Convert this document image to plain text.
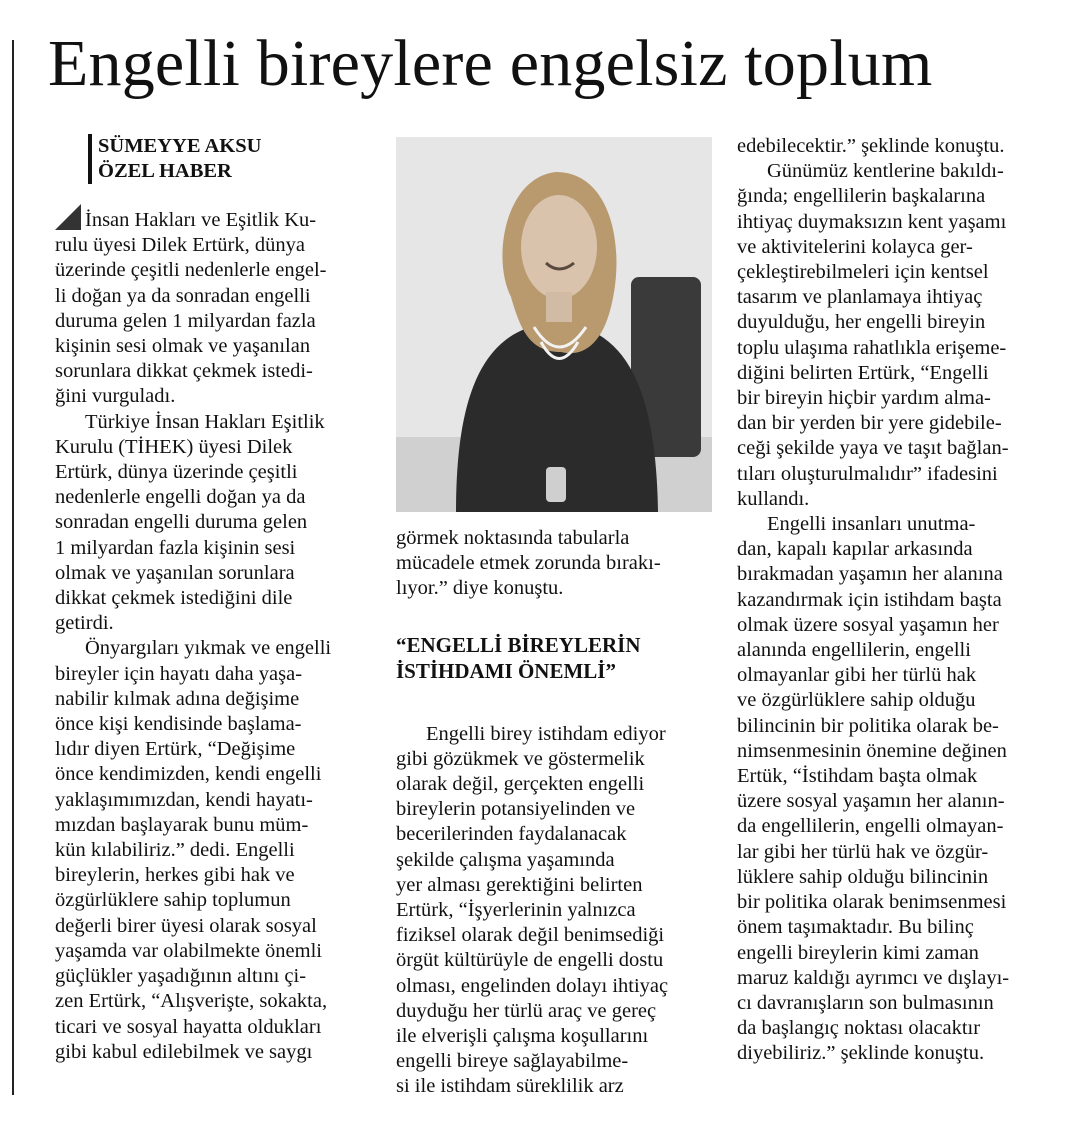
Engelli bireylere engelsiz toplum
SÜMEYYE AKSU
ÖZEL HABER

İnsan Hakları ve Eşitlik Ku-
rulu üyesi Dilek Ertürk, dünya
üzerinde çeşitli nedenlerle engel-
li doğan ya da sonradan engelli
duruma gelen 1 milyardan fazla
kişinin sesi olmak ve yaşanılan
sorunlara dikkat çekmek istedi-
ğini vurguladı.

Türkiye İnsan Hakları Eşitlik
Kurulu (TİHEK) üyesi Dilek
Ertürk, dünya üzerinde çeşitli
nedenlerle engelli doğan ya da
sonradan engelli duruma gelen
1 milyardan fazla kişinin sesi
olmak ve yaşanılan sorunlara
dikkat çekmek istediğini dile
getirdi.

Önyargıları yıkmak ve engelli
bireyler için hayatı daha yaşa-
nabilir kılmak adına değişime
önce kişi kendisinde başlama-
lıdır diyen Ertürk, “Değişime
önce kendimizden, kendi engelli
yaklaşımımızdan, kendi hayatı-
mızdan başlayarak bunu müm-
kün kılabiliriz.” dedi. Engelli
bireylerin, herkes gibi hak ve
özgürlüklere sahip toplumun
değerli birer üyesi olarak sosyal
yaşamda var olabilmekte önemli
güçlükler yaşadığının altını çi-
zen Ertürk, “Alışverişte, sokakta,
ticari ve sosyal hayatta oldukları
gibi kabul edilebilmek ve saygı

görmek noktasında tabularla
mücadele etmek zorunda bırakı-
lıyor.” diye konuştu.
“ENGELLİ BİREYLERİN
İSTİHDAMI ÖNEMLİ”
Engelli birey istihdam ediyor
gibi gözükmek ve göstermelik
olarak değil, gerçekten engelli
bireylerin potansiyelinden ve
becerilerinden faydalanacak
şekilde çalışma yaşamında
yer alması gerektiğini belirten
Ertürk, “İşyerlerinin yalnızca
fiziksel olarak değil benimsediği
örgüt kültürüyle de engelli dostu
olması, engelinden dolayı ihtiyaç
duyduğu her türlü araç ve gereç
ile elverişli çalışma koşullarını
engelli bireye sağlayabilme-
si ile istihdam süreklilik arz

edebilecektir.” şeklinde konuştu.

Günümüz kentlerine bakıldı-
ğında; engellilerin başkalarına
ihtiyaç duymaksızın kent yaşamı
ve aktivitelerini kolayca ger-
çekleştirebilmeleri için kentsel
tasarım ve planlamaya ihtiyaç
duyulduğu, her engelli bireyin
toplu ulaşıma rahatlıkla erişeme-
diğini belirten Ertürk, “Engelli
bir bireyin hiçbir yardım alma-
dan bir yerden bir yere gidebile-
ceği şekilde yaya ve taşıt bağlan-
tıları oluşturulmalıdır” ifadesini
kullandı.

Engelli insanları unutma-
dan, kapalı kapılar arkasında
bırakmadan yaşamın her alanına
kazandırmak için istihdam başta
olmak üzere sosyal yaşamın her
alanında engellilerin, engelli
olmayanlar gibi her türlü hak
ve özgürlüklere sahip olduğu
bilincinin bir politika olarak be-
nimsenmesinin önemine değinen
Ertük, “İstihdam başta olmak
üzere sosyal yaşamın her alanın-
da engellilerin, engelli olmayan-
lar gibi her türlü hak ve özgür-
lüklere sahip olduğu bilincinin
bir politika olarak benimsenmesi
önem taşımaktadır. Bu bilinç
engelli bireylerin kimi zaman
maruz kaldığı ayrımcı ve dışlayı-
cı davranışların son bulmasının
da başlangıç noktası olacaktır
diyebiliriz.” şeklinde konuştu.
